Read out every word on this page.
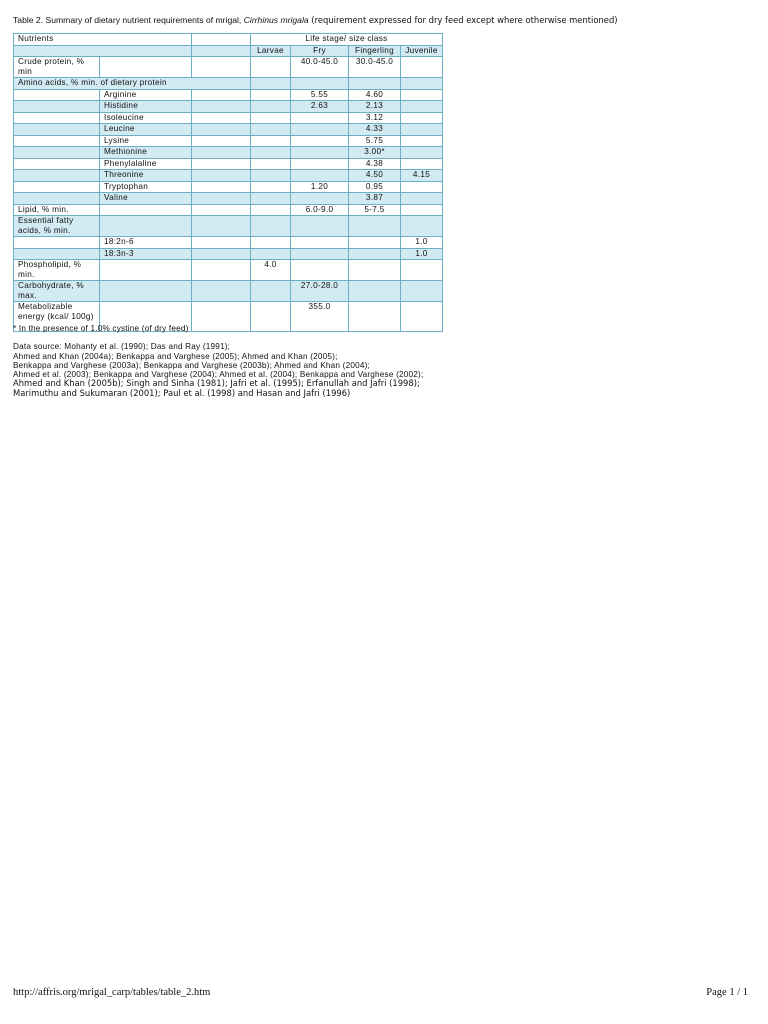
Table 2. Summary of dietary nutrient requirements of mrigal, Cirrhinus mrigala (requirement expressed for dry feed except where otherwise mentioned)
Nutrients			Life stage/ size class			
			Larvae	Fry	Fingerling	Juvenile
Crude protein, % min				40.0-45.0	30.0-45.0	
Amino acids, % min. of dietary protein						
	Arginine			5.55	4.60	
	Histidine			2.63	2.13	
	Isoleucine				3.12	
	Leucine				4.33	
	Lysine				5.75	
	Methionine				3.00*	
	Phenylalaline				4.38	
	Threonine				4.50	4.15
	Tryptophan			1.20	0.95	
	Valine				3.87	
Lipid, % min.				6.0-9.0	5-7.5	
Essential fatty acids, % min.						
	18:2n-6					1.0
	18:3n-3					1.0
Phospholipid, % min.			4.0			
Carbohydrate, % max.				27.0-28.0		
Metabolizable energy (kcal/ 100g)				355.0		
* In the presence of 1.0% cystine (of dry feed)
Data source: Mohanty et al. (1990); Das and Ray (1991);
Ahmed and Khan (2004a); Benkappa and Varghese (2005); Ahmed and Khan (2005);
Benkappa and Varghese (2003a); Benkappa and Varghese (2003b); Ahmed and Khan (2004);
Ahmed et al. (2003); Benkappa and Varghese (2004); Ahmed et al. (2004); Benkappa and Varghese (2002);
Ahmed and Khan (2005b); Singh and Sinha (1981); Jafri et al. (1995); Erfanullah and Jafri (1998);
Marimuthu and Sukumaran (2001); Paul et al. (1998) and Hasan and Jafri (1996)
http://affris.org/mrigal_carp/tables/table_2.htm	Page 1 / 1
